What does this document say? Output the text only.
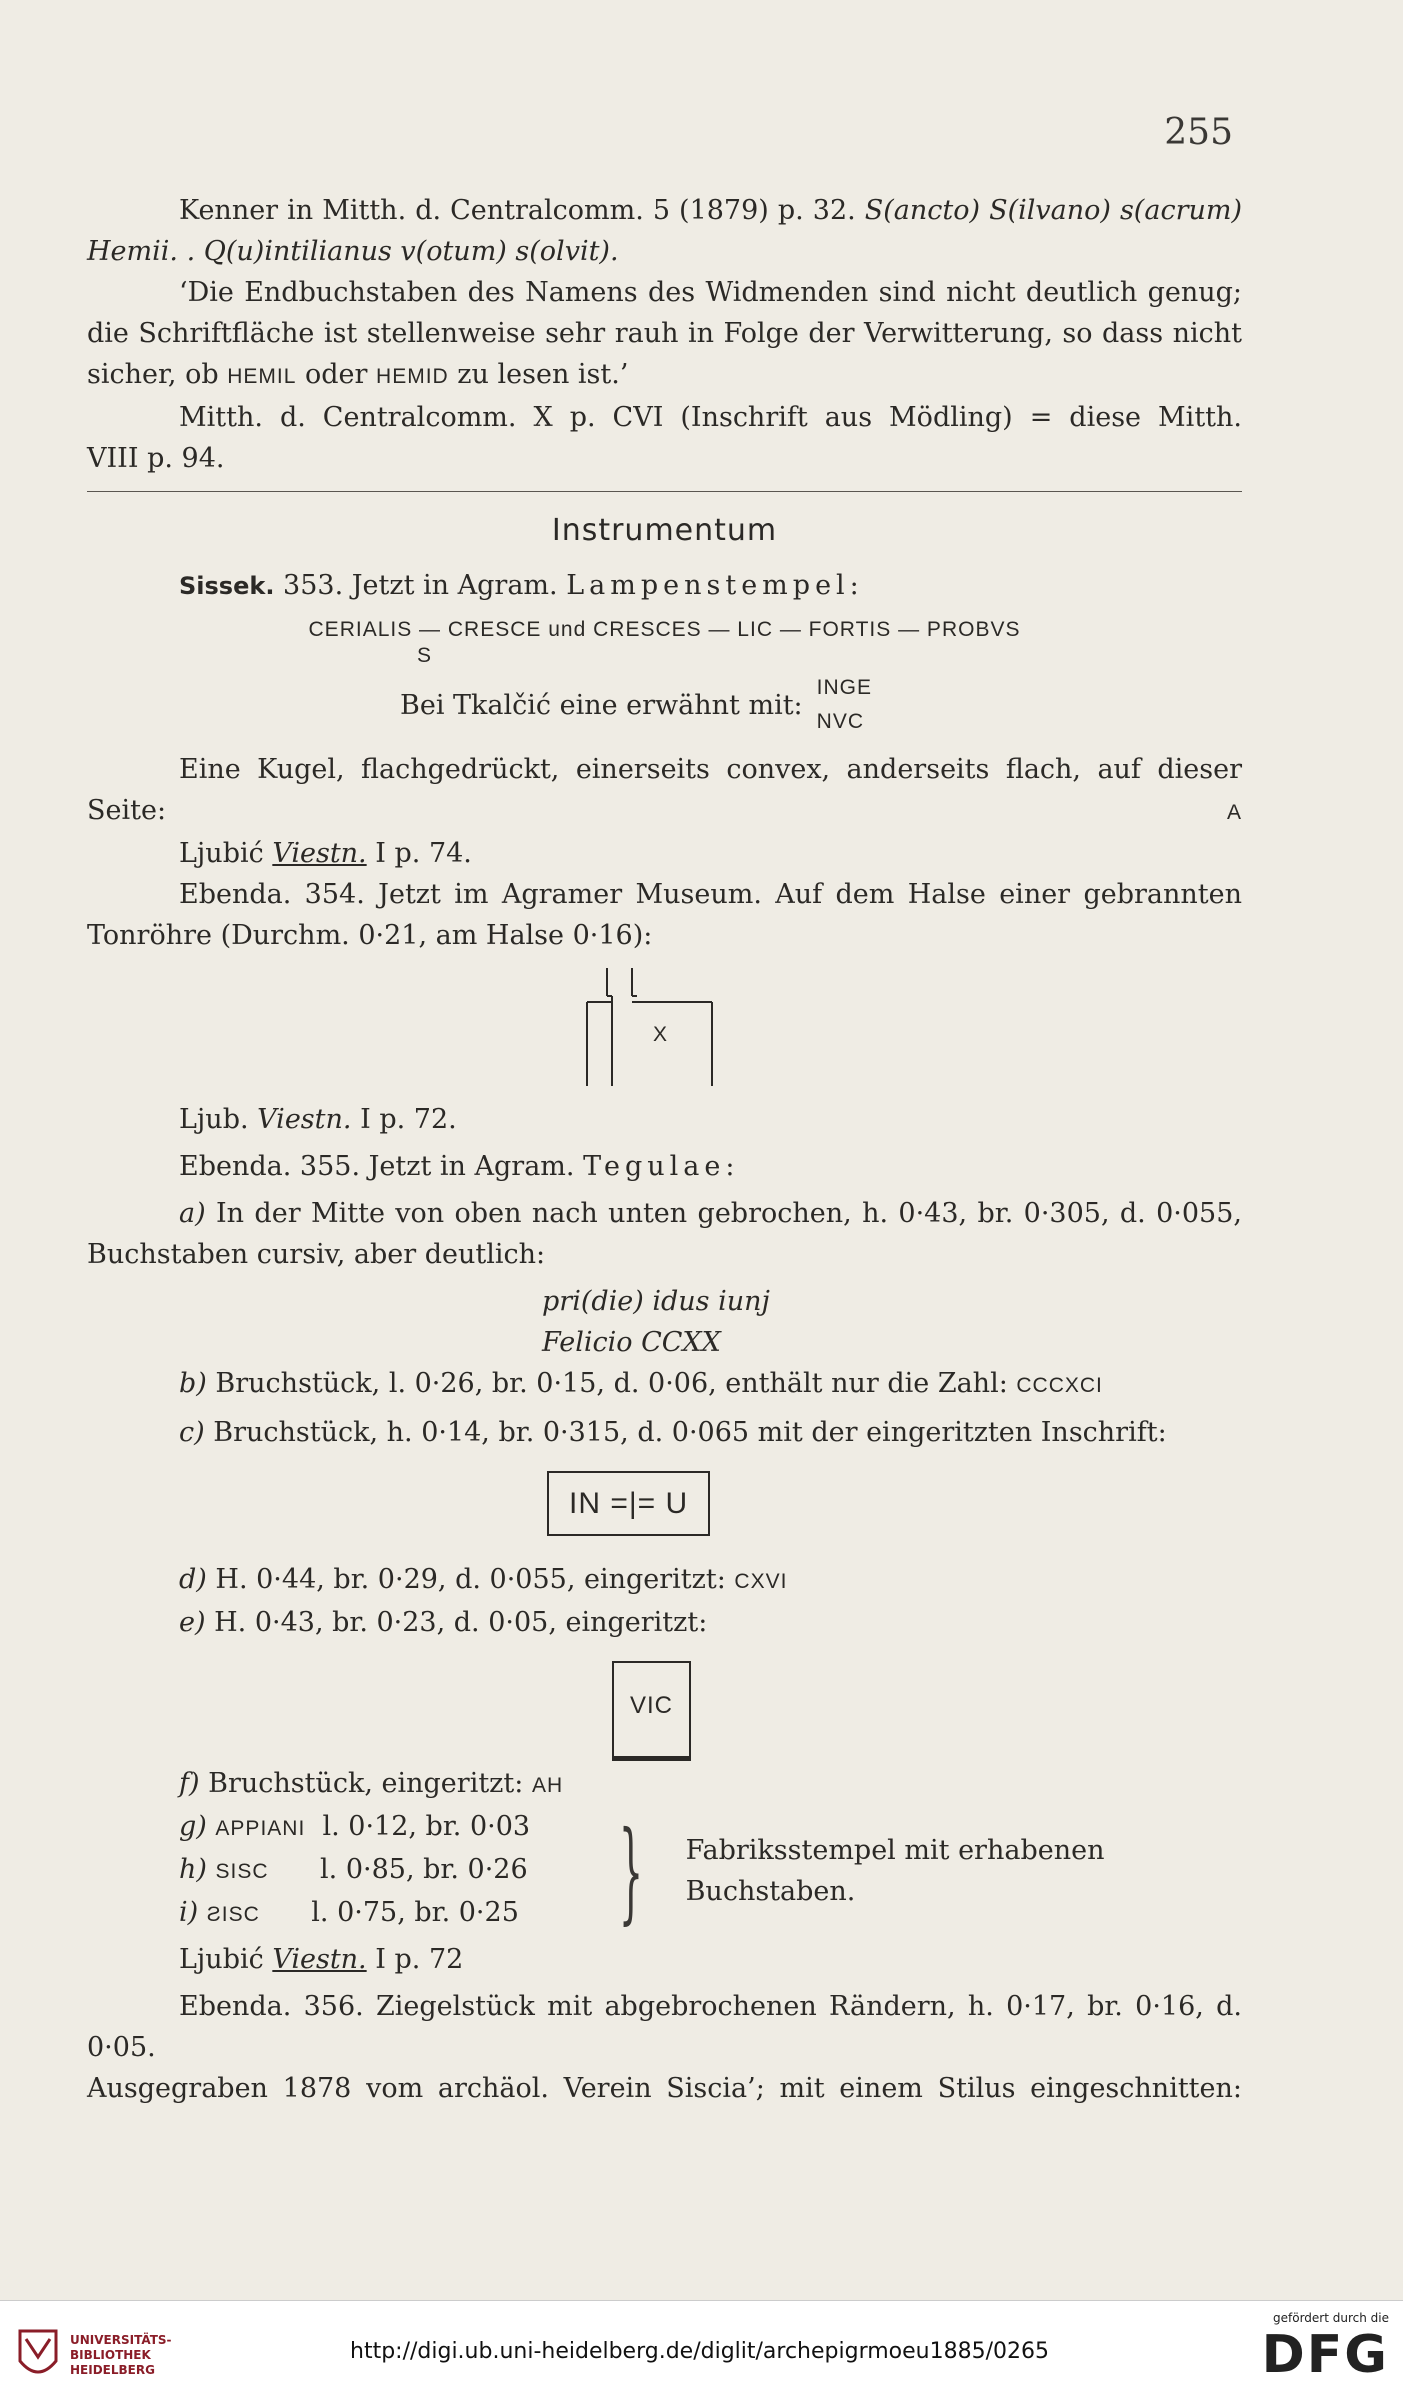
255

Kenner in Mitth. d. Centralcomm. 5 (1879) p. 32. S(ancto) S(ilvano) s(acrum)

Hemii. . Q(u)intilianus v(otum) s(olvit).

‘Die Endbuchstaben des Namens des Widmenden sind nicht deutlich genug;

die Schriftfläche ist stellenweise sehr rauh in Folge der Verwitterung, so dass nicht

sicher, ob HEMIL oder HEMID zu lesen ist.’

Mitth. d. Centralcomm. X p. CVI (Inschrift aus Mödling) = diese Mitth.

VIII p. 94.

Instrumentum

Sissek. 353. Jetzt in Agram. Lampenstempel:

CERIALIS — CRESCE und CRESCES — LIC — FORTIS — PROBVS

S

Bei Tkalčić eine erwähnt mit:
INGE
NVC

Eine Kugel, flachgedrückt, einerseits convex, anderseits flach, auf dieser Seite:	A

Ljubić Viestn. I p. 74.

Ebenda. 354. Jetzt im Agramer Museum. Auf dem Halse einer gebrannten

Tonröhre (Durchm. 0·21, am Halse 0·16):

X

Ljub. Viestn. I p. 72.

Ebenda. 355. Jetzt in Agram. Tegulae:

a) In der Mitte von oben nach unten gebrochen, h. 0·43, br. 0·305, d. 0·055,

Buchstaben cursiv, aber deutlich:

pri(die) idus iunj

Felicio CCXX

b) Bruchstück, l. 0·26, br. 0·15, d. 0·06, enthält nur die Zahl: CCCXCI

c) Bruchstück, h. 0·14, br. 0·315, d. 0·065 mit der eingeritzten Inschrift:

IN =|= U

d) H. 0·44, br. 0·29, d. 0·055, eingeritzt: CXVI

e) H. 0·43, br. 0·23, d. 0·05, eingeritzt:

VIC

f) Bruchstück, eingeritzt: AH

g) APPIANI l. 0·12, br. 0·03

h) SISC l. 0·85, br. 0·26

i) ƧISC l. 0·75, br. 0·25 } Fabriksstempel mit erhabenen Buchstaben.

Ljubić Viestn. I p. 72

Ebenda. 356. Ziegelstück mit abgebrochenen Rändern, h. 0·17, br. 0·16, d. 0·05.

Ausgegraben 1878 vom archäol. Verein Siscia’; mit einem Stilus eingeschnitten:

UNIVERSITÄTS-
BIBLIOTHEK
HEIDELBERG
http://digi.ub.uni-heidelberg.de/diglit/archepigrmoeu1885/0265
gefördert durch die
DFG
